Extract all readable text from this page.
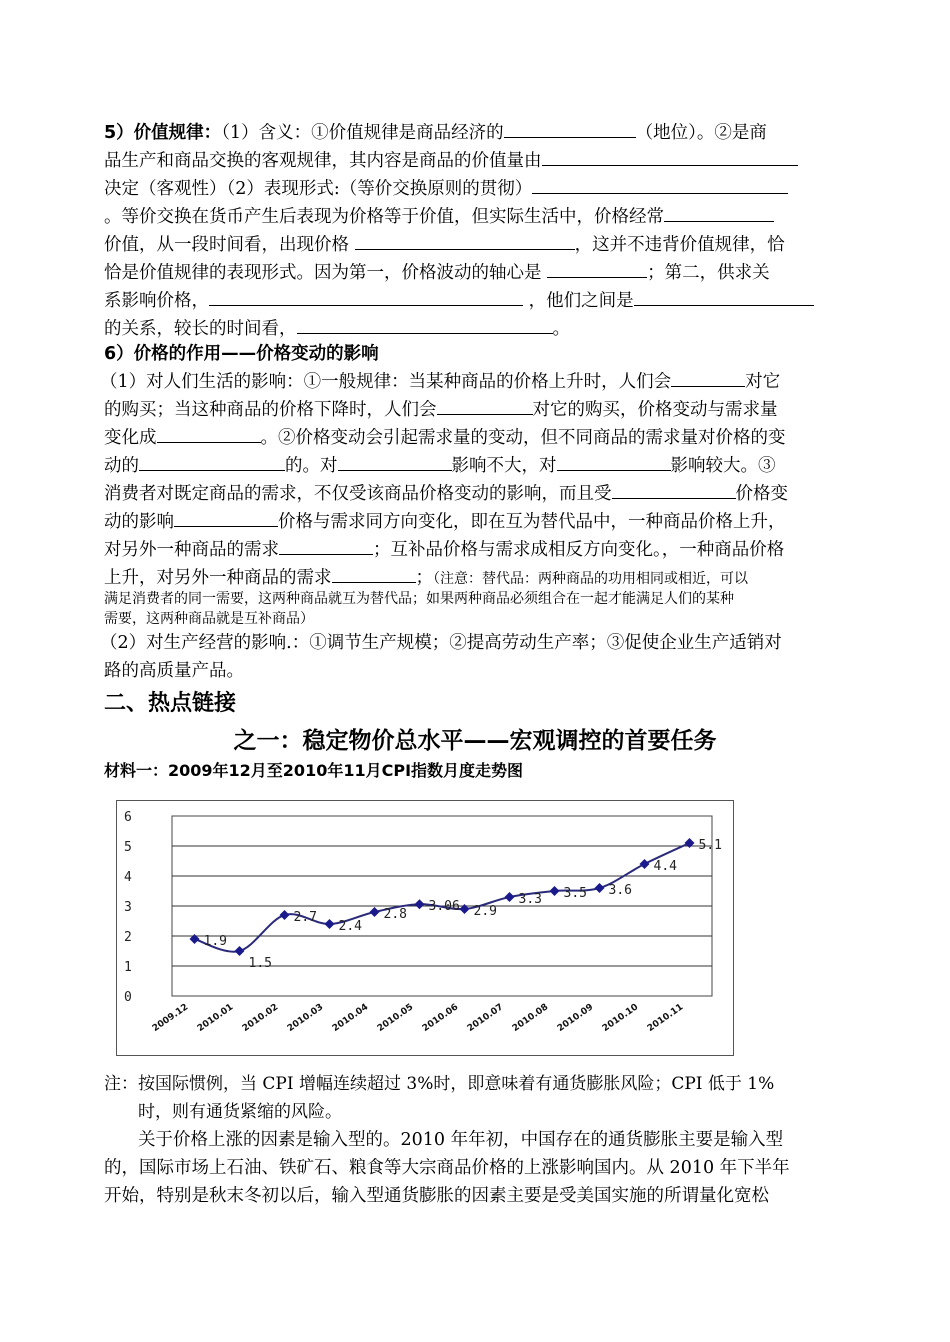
5）价值规律：（1）含义：①价值规律是商品经济的	（地位）。②是商
品生产和商品交换的客观规律，其内容是商品的价值量由
决定（客观性）（2）表现形式:（等价交换原则的贯彻）
。等价交换在货币产生后表现为价格等于价值，但实际生活中，价格经常
价值，从一段时间看，出现价格	，这并不违背价值规律，恰
恰是价值规律的表现形式。因为第一，价格波动的轴心是	；第二，供求关
系影响价格，	，他们之间是
的关系，较长的时间看，	。
6）价格的作用——价格变动的影响
（1）对人们生活的影响：①一般规律：当某种商品的价格上升时，人们会	对它
的购买；当这种商品的价格下降时，人们会	对它的购买，价格变动与需求量
变化成	。②价格变动会引起需求量的变动，但不同商品的需求量对价格的变
动的	的。对	影响不大，对	影响较大。③
消费者对既定商品的需求，不仅受该商品价格变动的影响，而且受	价格变
动的影响	价格与需求同方向变化，即在互为替代品中，一种商品价格上升，
对另外一种商品的需求	；互补品价格与需求成相反方向变化。，一种商品价格
上升，对另外一种商品的需求	；（注意：替代品：两种商品的功用相同或相近，可以
满足消费者的同一需要，这两种商品就互为替代品；如果两种商品必须组合在一起才能满足人们的某种
需要，这两种商品就是互补商品）
（2）对生产经营的影响.：①调节生产规模；②提高劳动生产率；③促使企业生产适销对
路的高质量产品。
二、热点链接
之一：稳定物价总水平——宏观调控的首要任务
材料一：2009年12月至2010年11月CPI指数月度走势图
0
1
2
3
4
5
6
1.9
1.5
2.7
2.4
2.8
3.06 2.9
3.3 3.5 3.6
4.4
5.1
2009.12 2010.01 2010.02 2010.03 2010.04 2010.05 2010.06 2010.07 2010.08 2010.09 2010.10 2010.11
注：按国际惯例，当 CPI 增幅连续超过 3%时，即意味着有通货膨胀风险；CPI 低于 1%
时，则有通货紧缩的风险。
关于价格上涨的因素是输入型的。2010 年年初，中国存在的通货膨胀主要是输入型
的，国际市场上石油、铁矿石、粮食等大宗商品价格的上涨影响国内。从 2010 年下半年
开始，特别是秋末冬初以后，输入型通货膨胀的因素主要是受美国实施的所谓量化宽松
